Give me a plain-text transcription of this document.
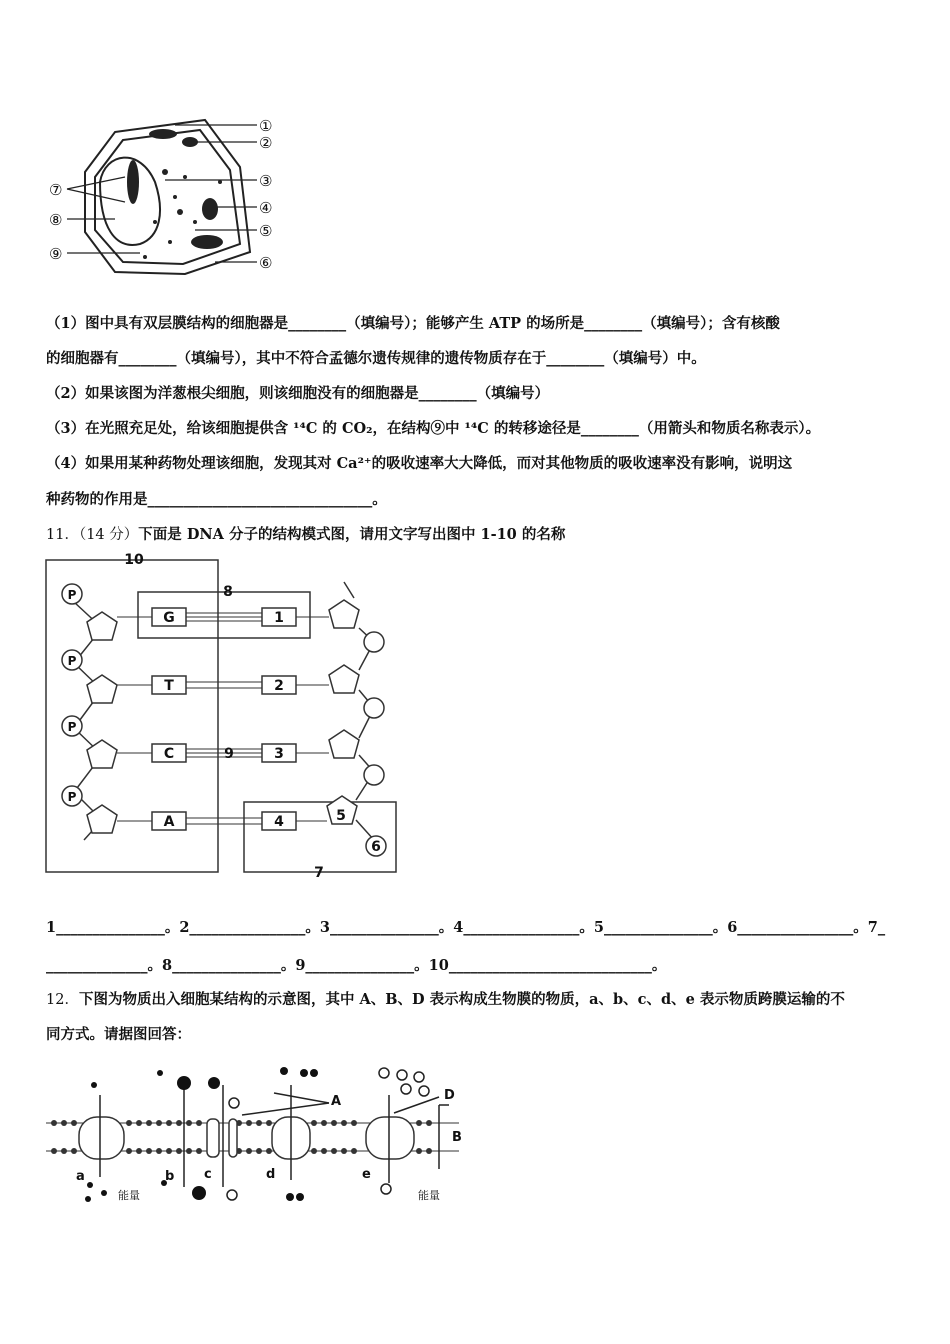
①
②
③
④
⑤
⑥
⑦
⑧
⑨
（1）图中具有双层膜结构的细胞器是________（填编号）；能够产生 ATP 的场所是________（填编号）；含有核酸
的细胞器有________（填编号），其中不符合孟德尔遗传规律的遗传物质存在于________（填编号）中。
（2）如果该图为洋葱根尖细胞，则该细胞没有的细胞器是________（填编号）
（3）在光照充足处，给该细胞提供含 ¹⁴C 的 CO₂，在结构⑨中 ¹⁴C 的转移途径是________（用箭头和物质名称表示）。
（4）如果用某种药物处理该细胞，发现其对 Ca²⁺的吸收速率大大降低，而对其他物质的吸收速率没有影响，说明这
种药物的作用是_______________________________。
11．（14 分）下面是 DNA 分子的结构模式图，请用文字写出图中 1-10 的名称
G
T
C
A
1
2
3
4
P
P
P
P
5
6
7
8
9
10
1_______________。2________________。3_______________。4________________。5_______________。6________________。7_
______________。8_______________。9_______________。10____________________________。
12．下图为物质出入细胞某结构的示意图，其中 A、B、D 表示构成生物膜的物质，a、b、c、d、e 表示物质跨膜运输的不
同方式。请据图回答：
A
B
D
a	b c	d	e
能量	能量
